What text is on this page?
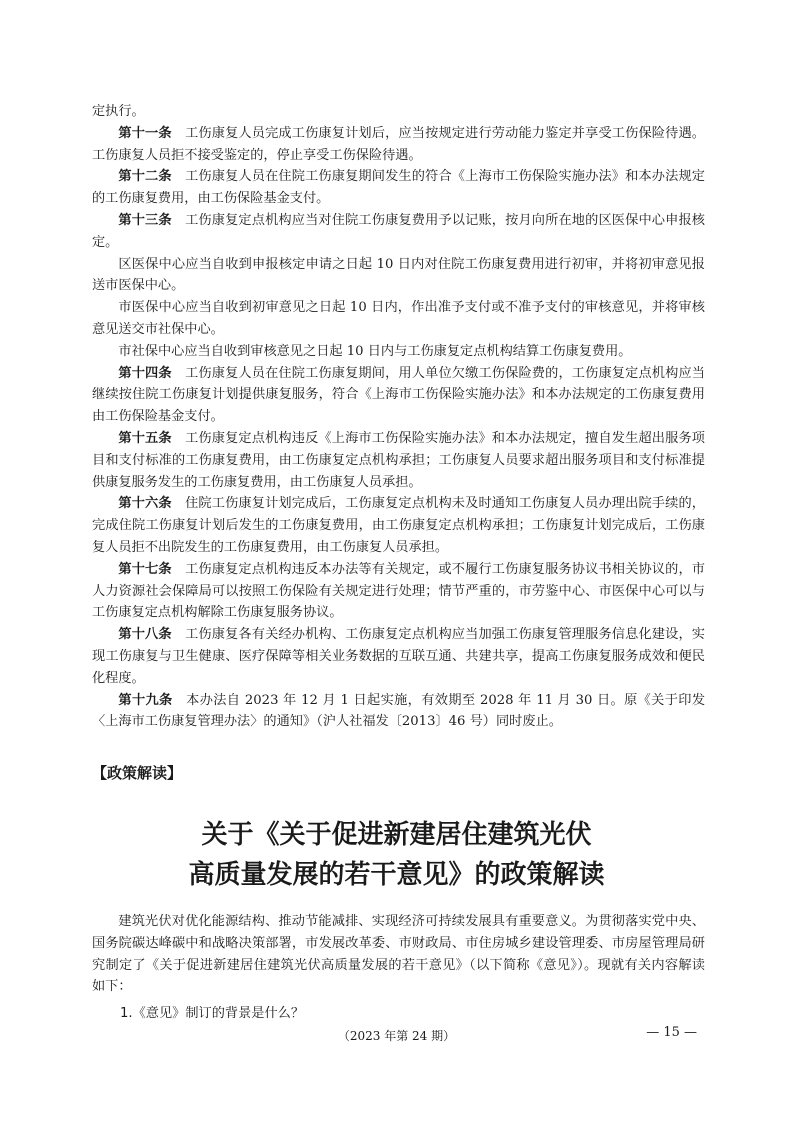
定执行。

第十一条　工伤康复人员完成工伤康复计划后，应当按规定进行劳动能力鉴定并享受工伤保险待遇。工伤康复人员拒不接受鉴定的，停止享受工伤保险待遇。

第十二条　工伤康复人员在住院工伤康复期间发生的符合《上海市工伤保险实施办法》和本办法规定的工伤康复费用，由工伤保险基金支付。

第十三条　工伤康复定点机构应当对住院工伤康复费用予以记账，按月向所在地的区医保中心申报核定。

区医保中心应当自收到申报核定申请之日起 10 日内对住院工伤康复费用进行初审，并将初审意见报送市医保中心。

市医保中心应当自收到初审意见之日起 10 日内，作出准予支付或不准予支付的审核意见，并将审核意见送交市社保中心。

市社保中心应当自收到审核意见之日起 10 日内与工伤康复定点机构结算工伤康复费用。

第十四条　工伤康复人员在住院工伤康复期间，用人单位欠缴工伤保险费的，工伤康复定点机构应当继续按住院工伤康复计划提供康复服务，符合《上海市工伤保险实施办法》和本办法规定的工伤康复费用由工伤保险基金支付。

第十五条　工伤康复定点机构违反《上海市工伤保险实施办法》和本办法规定，擅自发生超出服务项目和支付标准的工伤康复费用，由工伤康复定点机构承担；工伤康复人员要求超出服务项目和支付标准提供康复服务发生的工伤康复费用，由工伤康复人员承担。

第十六条　住院工伤康复计划完成后，工伤康复定点机构未及时通知工伤康复人员办理出院手续的，完成住院工伤康复计划后发生的工伤康复费用，由工伤康复定点机构承担；工伤康复计划完成后，工伤康复人员拒不出院发生的工伤康复费用，由工伤康复人员承担。

第十七条　工伤康复定点机构违反本办法等有关规定，或不履行工伤康复服务协议书相关协议的，市人力资源社会保障局可以按照工伤保险有关规定进行处理；情节严重的，市劳鉴中心、市医保中心可以与工伤康复定点机构解除工伤康复服务协议。

第十八条　工伤康复各有关经办机构、工伤康复定点机构应当加强工伤康复管理服务信息化建设，实现工伤康复与卫生健康、医疗保障等相关业务数据的互联互通、共建共享，提高工伤康复服务成效和便民化程度。

第十九条　本办法自 2023 年 12 月 1 日起实施，有效期至 2028 年 11 月 30 日。原《关于印发〈上海市工伤康复管理办法〉的通知》（沪人社福发〔2013〕46 号）同时废止。

【政策解读】
关于《关于促进新建居住建筑光伏
高质量发展的若干意见》的政策解读

建筑光伏对优化能源结构、推动节能减排、实现经济可持续发展具有重要意义。为贯彻落实党中央、国务院碳达峰碳中和战略决策部署，市发展改革委、市财政局、市住房城乡建设管理委、市房屋管理局研究制定了《关于促进新建居住建筑光伏高质量发展的若干意见》（以下简称《意见》）。现就有关内容解读如下：

1.《意见》制订的背景是什么？
（2023 年第 24 期）	— 15 —
